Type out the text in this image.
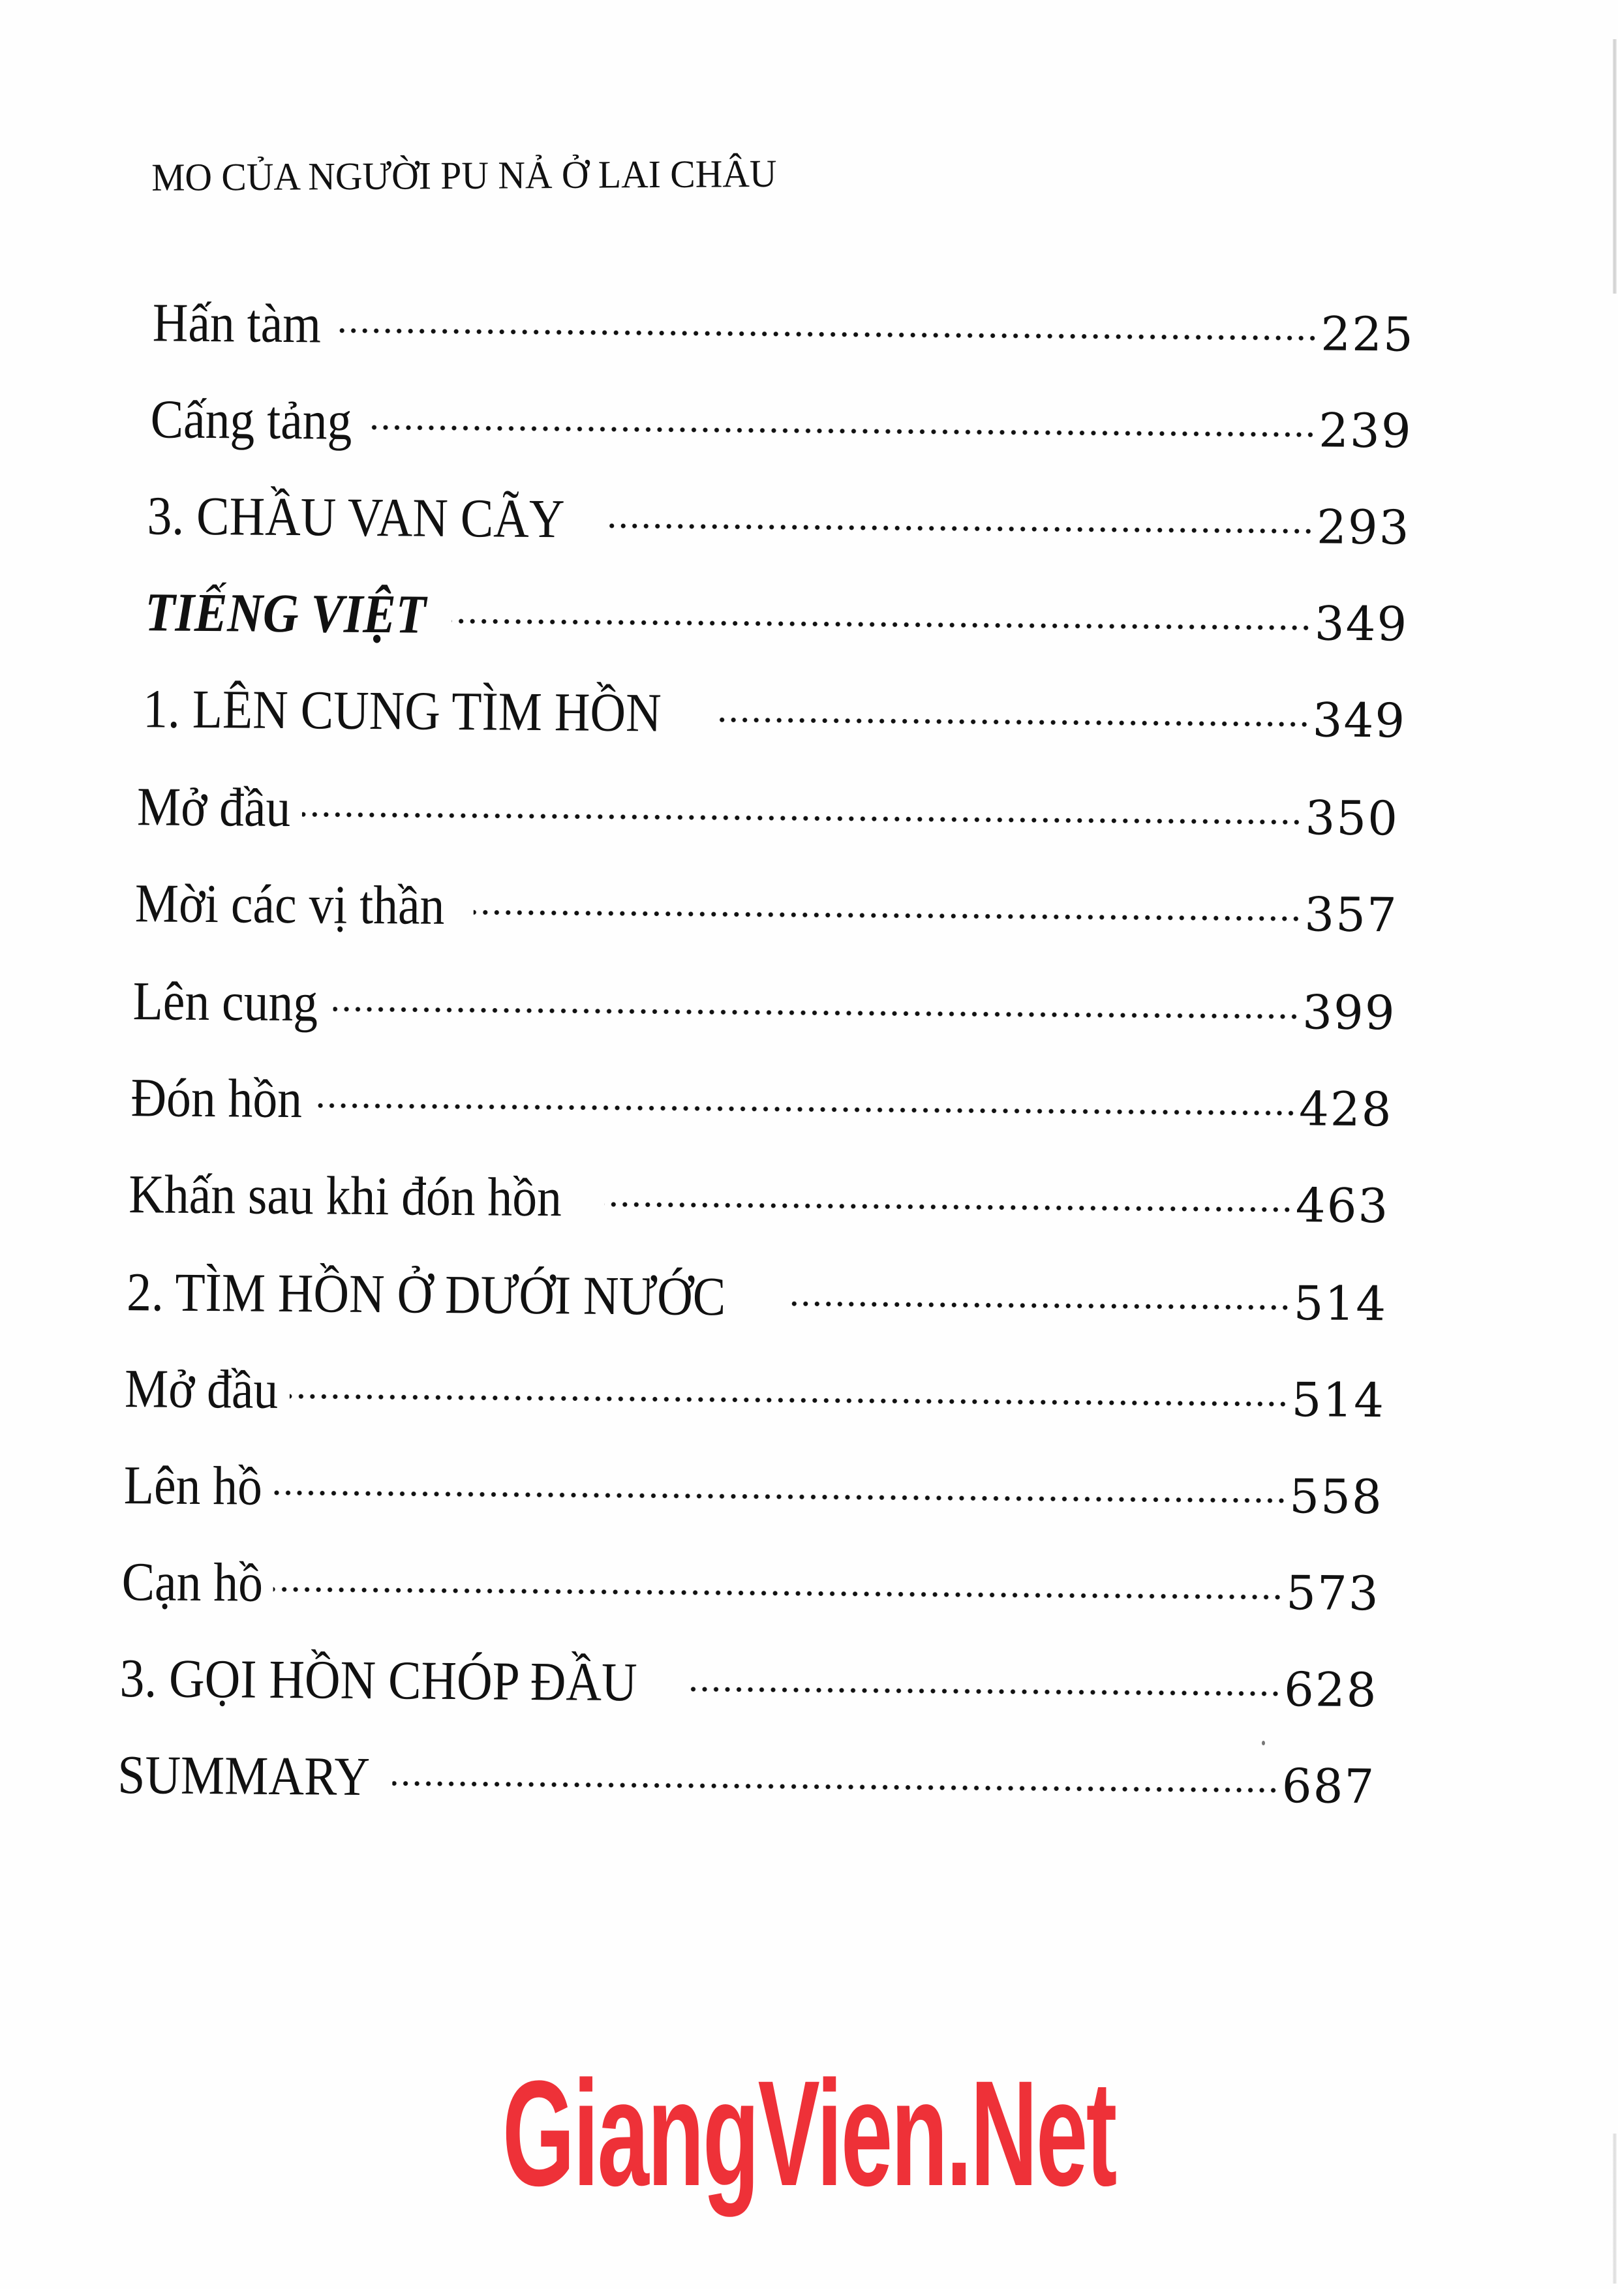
MO CỦA NGƯỜI PU NẢ Ở LAI CHÂU
Hấn tàm	225
Cấng tảng	239
3. CHẦU VAN CÃY	293
TIẾNG VIỆT	349
1. LÊN CUNG TÌM HỒN	349
Mở đầu	350
Mời các vị thần	357
Lên cung	399
Đón hồn	428
Khấn sau khi đón hồn	463
2. TÌM HỒN Ở DƯỚI NƯỚC	514
Mở đầu	514
Lên hồ	558
Cạn hồ	573
3. GỌI HỒN CHÓP ĐẦU	628
SUMMARY	687
GiangVien.Net
